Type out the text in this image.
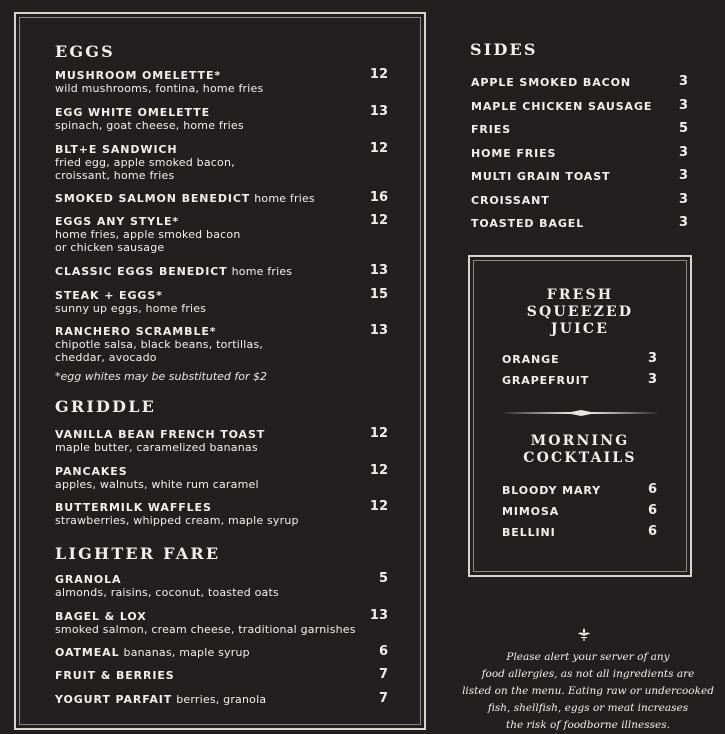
EGGS
MUSHROOM OMELETTE*
wild mushrooms, fontina, home fries
12
EGG WHITE OMELETTE
spinach, goat cheese, home fries
13
BLT+E SANDWICH
fried egg, apple smoked bacon,
croissant, home fries
12
SMOKED SALMON BENEDICT home fries	16
EGGS ANY STYLE*
home fries, apple smoked bacon
or chicken sausage
12
CLASSIC EGGS BENEDICT home fries	13
STEAK + EGGS*
sunny up eggs, home fries
15
RANCHERO SCRAMBLE*
chipotle salsa, black beans, tortillas,
cheddar, avocado
13
*egg whites may be substituted for $2
GRIDDLE
VANILLA BEAN FRENCH TOAST
maple butter, caramelized bananas
12
PANCAKES
apples, walnuts, white rum caramel
12
BUTTERMILK WAFFLES
strawberries, whipped cream, maple syrup
12
LIGHTER FARE
GRANOLA
almonds, raisins, coconut, toasted oats
5
BAGEL & LOX
smoked salmon, cream cheese, traditional garnishes
13
OATMEAL bananas, maple syrup	6
FRUIT & BERRIES	7
YOGURT PARFAIT berries, granola	7
SIDES
APPLE SMOKED BACON	3
MAPLE CHICKEN SAUSAGE	3
FRIES	5
HOME FRIES	3
MULTI GRAIN TOAST	3
CROISSANT	3
TOASTED BAGEL	3
FRESH
SQUEEZED
JUICE
ORANGE	3
GRAPEFRUIT	3
MORNING
COCKTAILS
BLOODY MARY	6
MIMOSA	6
BELLINI	6
Please alert your server of any
food allergies, as not all ingredients are
listed on the menu. Eating raw or undercooked
fish, shellfish, eggs or meat increases
the risk of foodborne illnesses.
